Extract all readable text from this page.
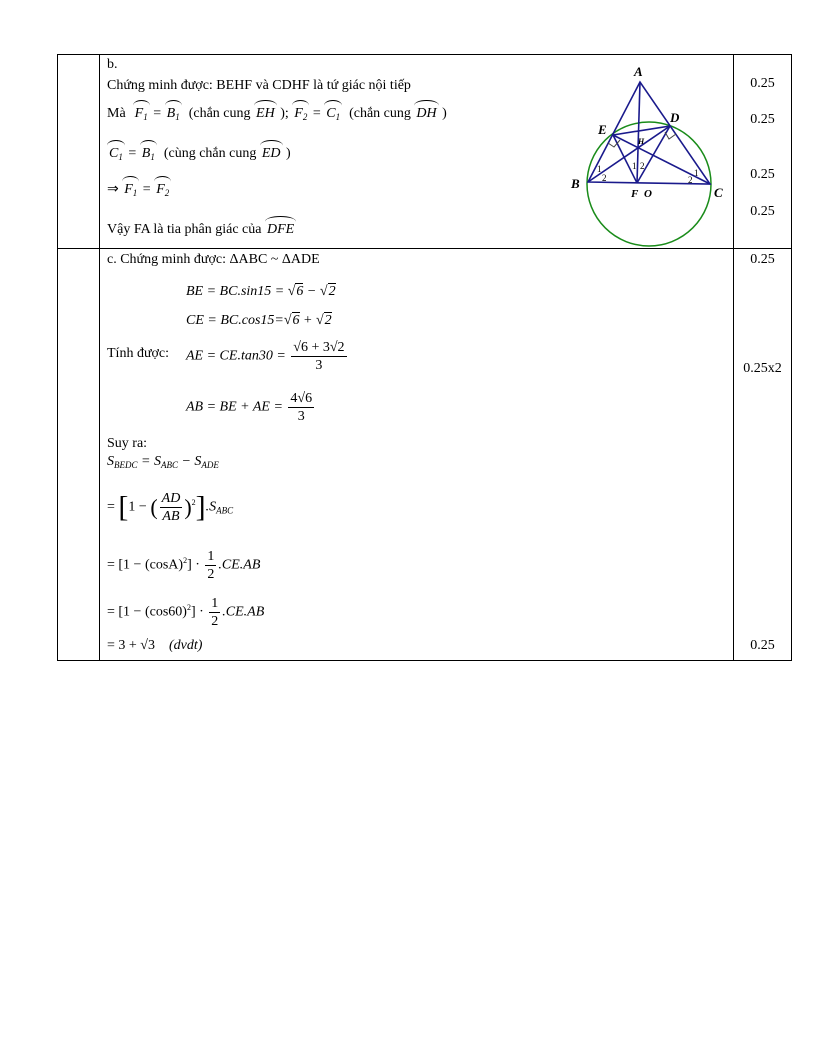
b.
Chứng minh được: BEHF và CDHF là tứ giác nội tiếp
Mà $F_1 = B_1$ (chắn cung EH ); $F_2 = C_1$ (chắn cung DH )
$C_1 = B_1$ (cùng chắn cung ED )
⇒ $F_1 = F_2$
Vậy FA là tia phân giác của DFE
A
E
D
B
C
F O
H
1
2
1 2
1
2
c. Chứng minh được: ΔABC ~ ΔADE
BE = BC.sin15 = √6 − √2
CE = BC.cos15=√6 + √2
Tính được: AE = $CE.\tan 30 = \frac{√6 + 3√2}{3}$
AB = BE + AE = $\frac{4√6}{3}$
Suy ra:
$S_{BEDC} = S_{ABC} - S_{ADE}$
= [1 − ( $\frac{AD}{AB} )^2].S_{ABC}$
= $[1 - (\cos A)^2] \cdot \frac{1}{2} .CE.AB$
= $[1 - (\cos 60)^2] \cdot \frac{1}{2} .CE.AB$
= 3 + √3 (dvdt)
0.25
0.25
0.25
0.25
0.25
0.25x2
0.25
